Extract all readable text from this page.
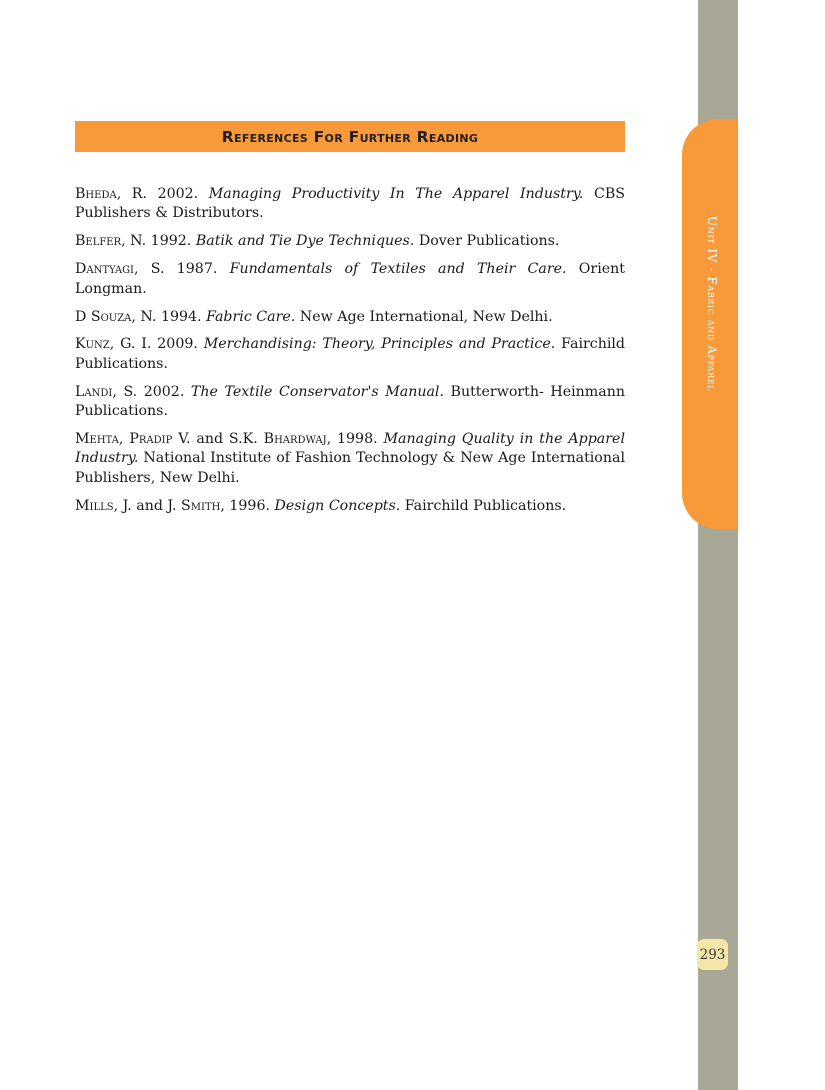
Unit IV - Fabric and Apparel
References For Further Reading

Bheda, R. 2002. Managing Productivity In The Apparel Industry. CBS Publishers & Distributors.

Belfer, N. 1992. Batik and Tie Dye Techniques. Dover Publications.

Dantyagi, S. 1987. Fundamentals of Textiles and Their Care. Orient Longman.

D Souza, N. 1994. Fabric Care. New Age International, New Delhi.

Kunz, G. I. 2009. Merchandising: Theory, Principles and Practice. Fairchild Publications.

Landi, S. 2002. The Textile Conservator's Manual. Butterworth- Heinmann Publications.

Mehta, Pradip V. and S.K. Bhardwaj, 1998. Managing Quality in the Apparel Industry. National Institute of Fashion Technology & New Age International Publishers, New Delhi.

Mills, J. and J. Smith, 1996. Design Concepts. Fairchild Publications.

293
